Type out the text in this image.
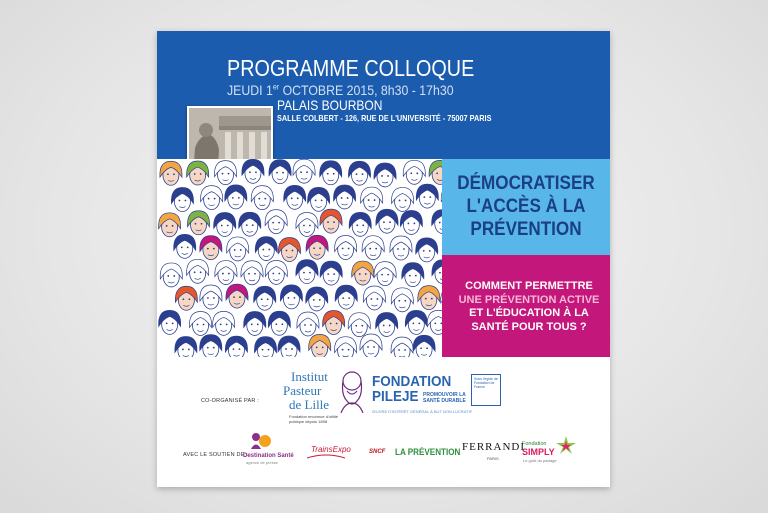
PROGRAMME COLLOQUE
JEUDI 1er OCTOBRE 2015, 8h30 - 17h30
PALAIS BOURBON
SALLE COLBERT - 126, RUE DE L'UNIVERSITÉ - 75007 PARIS
DÉMOCRATISER
L'ACCÈS À LA
PRÉVENTION
COMMENT PERMETTRE
UNE PRÉVENTION ACTIVE
ET L'ÉDUCATION À LA
SANTÉ POUR TOUS ?
CO-ORGANISÉ PAR :
Institut
Pasteur
de Lille
Fondation reconnue d'utilité publique depuis 1898
FONDATION
PILEJE PROMOUVOIR LA SANTÉ DURABLE
ŒUVRE D'INTÉRÊT GÉNÉRAL À BUT NON LUCRATIF
Sous l'égide de Fondation de France
AVEC LE SOUTIEN DE :
Destination Santé
agence de presse
TrainsExpo	SNCF LA PRÉVENTION FERRANDI
PARIS
Fondation
SIMPLY
Le goût du partage
